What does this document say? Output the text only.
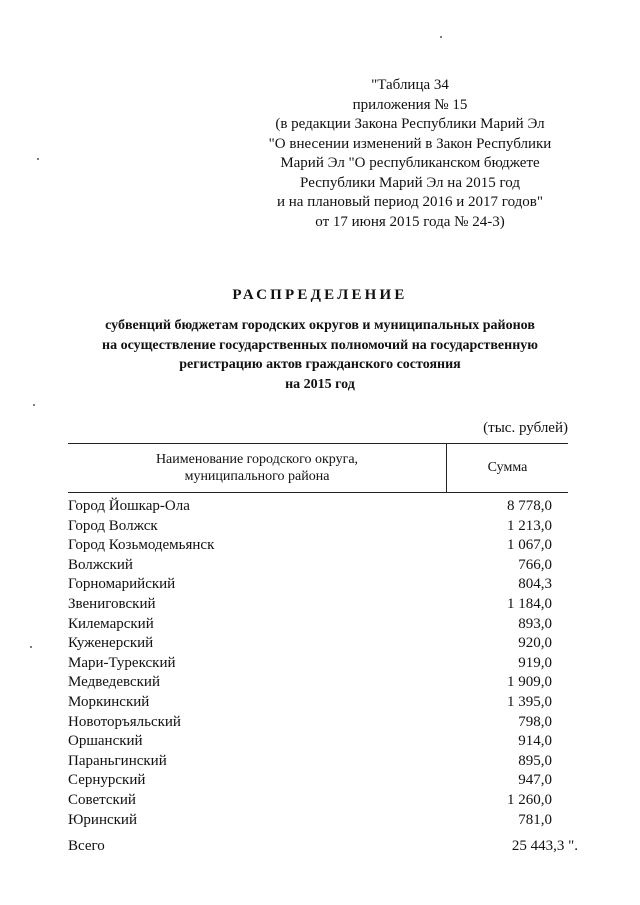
"Таблица 34
приложения № 15
(в редакции Закона Республики Марий Эл
"О внесении изменений в Закон Республики
Марий Эл "О республиканском бюджете
Республики Марий Эл на 2015 год
и на плановый период 2016 и 2017 годов"
от 17 июня 2015 года № 24-3)
РАСПРЕДЕЛЕНИЕ
субвенций бюджетам городских округов и муниципальных районов
на осуществление государственных полномочий на государственную
регистрацию актов гражданского состояния
на 2015 год
(тыс. рублей)
Наименование городского округа,
муниципального района
Сумма
Город Йошкар-Ола	8 778,0
Город Волжск	1 213,0
Город Козьмодемьянск	1 067,0
Волжский	766,0
Горномарийский	804,3
Звениговский	1 184,0
Килемарский	893,0
Куженерский	920,0
Мари-Турекский	919,0
Медведевский	1 909,0
Моркинский	1 395,0
Новоторъяльский	798,0
Оршанский	914,0
Параньгинский	895,0
Сернурский	947,0
Советский	1 260,0
Юринский	781,0
Всего	25 443,3 ".
